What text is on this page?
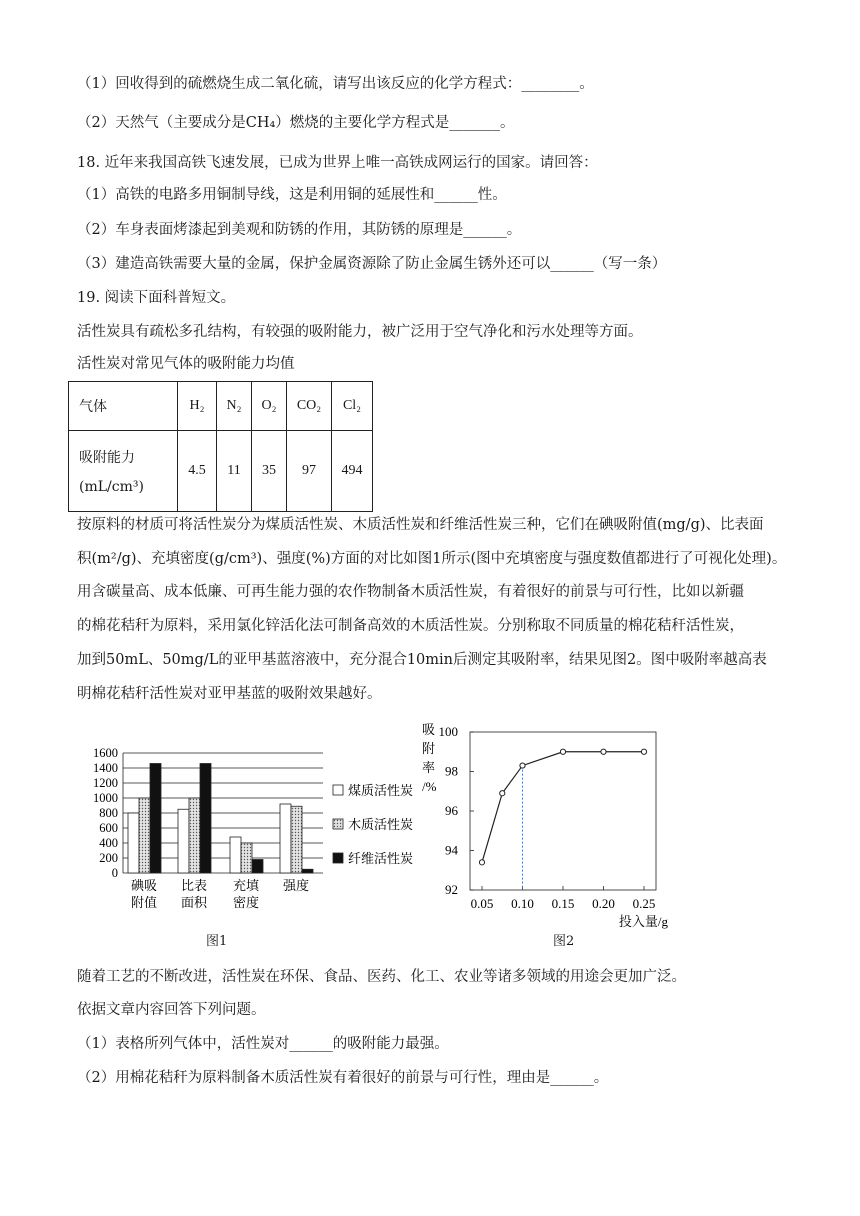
（1）回收得到的硫燃烧生成二氧化硫，请写出该反应的化学方程式：________。
（2）天然气（主要成分是CH₄）燃烧的主要化学方程式是_______。
18. 近年来我国高铁飞速发展，已成为世界上唯一高铁成网运行的国家。请回答：
（1）高铁的电路多用铜制导线，这是利用铜的延展性和______性。
（2）车身表面烤漆起到美观和防锈的作用，其防锈的原理是______。
（3）建造高铁需要大量的金属，保护金属资源除了防止金属生锈外还可以______（写一条）
19. 阅读下面科普短文。
活性炭具有疏松多孔结构，有较强的吸附能力，被广泛用于空气净化和污水处理等方面。
活性炭对常见气体的吸附能力均值
气体	H₂	N₂	O₂	CO₂	Cl₂

吸附能力
(mL/cm³)	4.5	11	35	97	494
按原料的材质可将活性炭分为煤质活性炭、木质活性炭和纤维活性炭三种，它们在碘吸附值(mg/g)、比表面
积(m²/g)、充填密度(g/cm³)、强度(%)方面的对比如图1所示(图中充填密度与强度数值都进行了可视化处理)。
用含碳量高、成本低廉、可再生能力强的农作物制备木质活性炭，有着很好的前景与可行性，比如以新疆
的棉花秸秆为原料，采用氯化锌活化法可制备高效的木质活性炭。分别称取不同质量的棉花秸秆活性炭，
加到50mL、50mg/L的亚甲基蓝溶液中，充分混合10min后测定其吸附率，结果见图2。图中吸附率越高表
明棉花秸秆活性炭对亚甲基蓝的吸附效果越好。
0
200
400
600
800
1000
1200
1400
1600
碘吸
附值
比表
面积
充填
密度
强度
煤质活性炭
木质活性炭
纤维活性炭
图1
92
94
96
98
100
0.05 0.10 0.15 0.20 0.25
吸
附
率
/%
投入量/g
图2
随着工艺的不断改进，活性炭在环保、食品、医药、化工、农业等诸多领域的用途会更加广泛。
依据文章内容回答下列问题。
（1）表格所列气体中，活性炭对______的吸附能力最强。
（2）用棉花秸秆为原料制备木质活性炭有着很好的前景与可行性，理由是______。
